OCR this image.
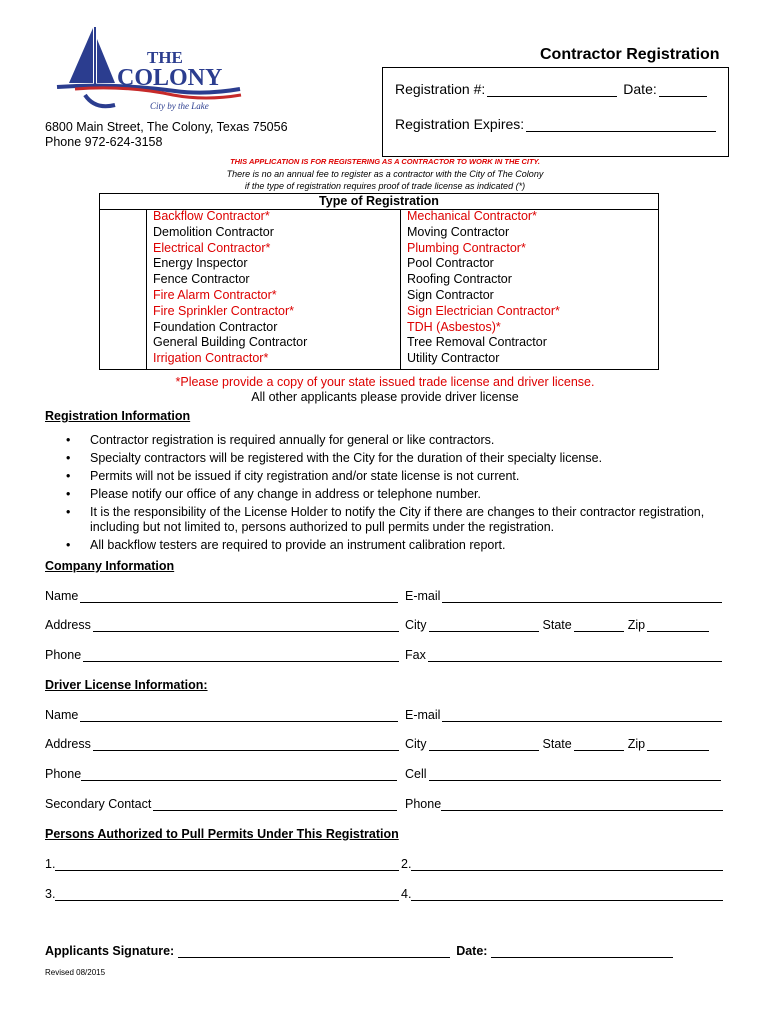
THE
COLONY
City by the Lake
Contractor Registration
Registration #:	Date:
Registration Expires:
6800 Main Street, The Colony, Texas 75056
Phone 972-624-3158
THIS APPLICATION IS FOR REGISTERING AS A CONTRACTOR TO WORK IN THE CITY.
There is no an annual fee to register as a contractor with the City of The Colony
if the type of registration requires proof of trade license as indicated (*)
Type of Registration
Backflow Contractor*
Demolition Contractor
Electrical Contractor*
Energy Inspector
Fence Contractor
Fire Alarm Contractor*
Fire Sprinkler Contractor*
Foundation Contractor
General Building Contractor
Irrigation Contractor*
Mechanical Contractor*
Moving Contractor
Plumbing Contractor*
Pool Contractor
Roofing Contractor
Sign Contractor
Sign Electrician Contractor*
TDH (Asbestos)*
Tree Removal Contractor
Utility Contractor
*Please provide a copy of your state issued trade license and driver license.
All other applicants please provide driver license
Registration Information
• Contractor registration is required annually for general or like contractors.
• Specialty contractors will be registered with the City for the duration of their specialty license.
• Permits will not be issued if city registration and/or state license is not current.
• Please notify our office of any change in address or telephone number.
• It is the responsibility of the License Holder to notify the City if there are changes to their contractor registration, including but not limited to, persons authorized to pull permits under the registration.
• All backflow testers are required to provide an instrument calibration report.
Company Information
Name	E-mail
Address	City	State	Zip
Phone	Fax
Driver License Information:
Name	E-mail
Address	City	State	Zip
Phone	Cell
Secondary Contact	Phone
Persons Authorized to Pull Permits Under This Registration
1.	2.
3.	4.
Applicants Signature:	Date:
Revised 08/2015
